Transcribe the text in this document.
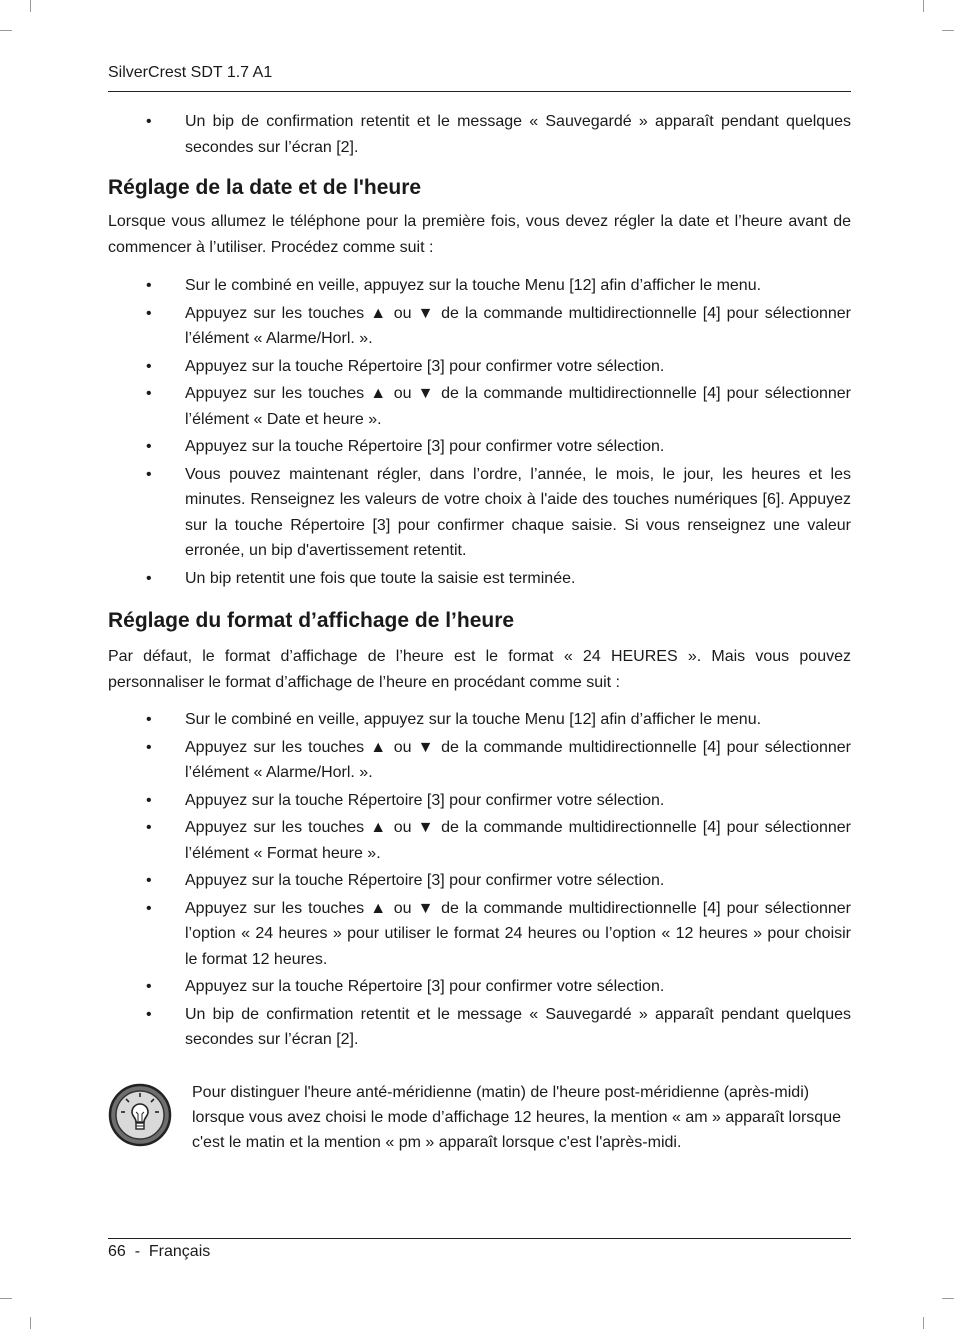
SilverCrest SDT 1.7 A1
• Un bip de confirmation retentit et le message « Sauvegardé » apparaît pendant quelques secondes sur l’écran [2].
Réglage de la date et de l'heure

Lorsque vous allumez le téléphone pour la première fois, vous devez régler la date et l’heure avant de commencer à l’utiliser. Procédez comme suit :

• Sur le combiné en veille, appuyez sur la touche Menu [12] afin d’afficher le menu.
• Appuyez sur les touches ▲ ou ▼ de la commande multidirectionnelle [4] pour sélectionner l’élément « Alarme/Horl. ».
• Appuyez sur la touche Répertoire [3] pour confirmer votre sélection.
• Appuyez sur les touches ▲ ou ▼ de la commande multidirectionnelle [4] pour sélectionner l’élément « Date et heure ».
• Appuyez sur la touche Répertoire [3] pour confirmer votre sélection.
• Vous pouvez maintenant régler, dans l’ordre, l’année, le mois, le jour, les heures et les minutes. Renseignez les valeurs de votre choix à l'aide des touches numériques [6]. Appuyez sur la touche Répertoire [3] pour confirmer chaque saisie. Si vous renseignez une valeur erronée, un bip d'avertissement retentit.
• Un bip retentit une fois que toute la saisie est terminée.
Réglage du format d’affichage de l’heure

Par défaut, le format d’affichage de l’heure est le format « 24 HEURES ». Mais vous pouvez personnaliser le format d’affichage de l’heure en procédant comme suit :

• Sur le combiné en veille, appuyez sur la touche Menu [12] afin d’afficher le menu.
• Appuyez sur les touches ▲ ou ▼ de la commande multidirectionnelle [4] pour sélectionner l’élément « Alarme/Horl. ».
• Appuyez sur la touche Répertoire [3] pour confirmer votre sélection.
• Appuyez sur les touches ▲ ou ▼ de la commande multidirectionnelle [4] pour sélectionner l’élément « Format heure ».
• Appuyez sur la touche Répertoire [3] pour confirmer votre sélection.
• Appuyez sur les touches ▲ ou ▼ de la commande multidirectionnelle [4] pour sélectionner l’option « 24 heures » pour utiliser le format 24 heures ou l’option « 12 heures » pour choisir le format 12 heures.
• Appuyez sur la touche Répertoire [3] pour confirmer votre sélection.
• Un bip de confirmation retentit et le message « Sauvegardé » apparaît pendant quelques secondes sur l’écran [2].
Pour distinguer l'heure anté-méridienne (matin) de l'heure post-méridienne (après-midi) lorsque vous avez choisi le mode d’affichage 12 heures, la mention « am » apparaît lorsque c'est le matin et la mention « pm » apparaît lorsque c'est l'après-midi.
66  -  Français
